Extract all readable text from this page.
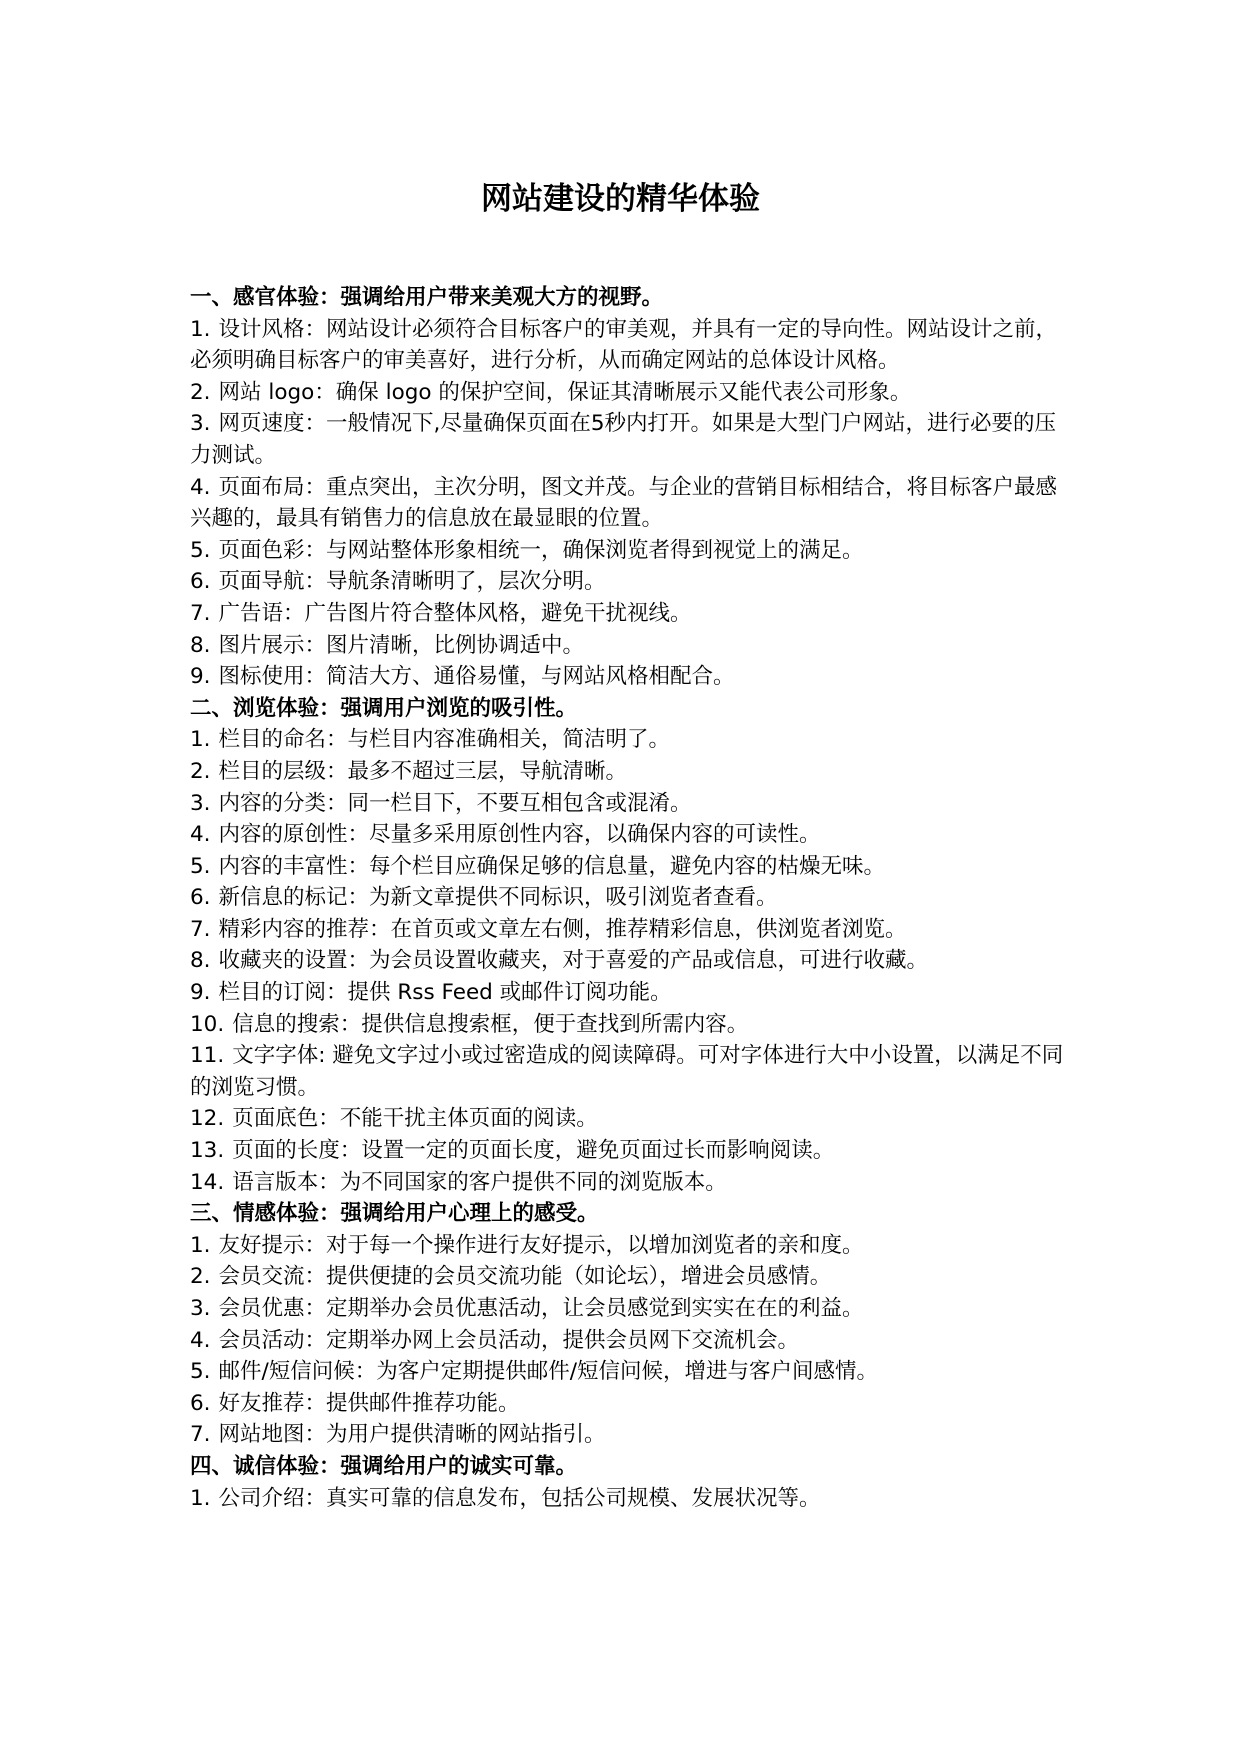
网站建设的精华体验

一、感官体验：强调给用户带来美观大方的视野。

1. 设计风格：网站设计必须符合目标客户的审美观，并具有一定的导向性。网站设计之前，必须明确目标客户的审美喜好，进行分析，从而确定网站的总体设计风格。

2. 网站 logo：确保 logo 的保护空间，保证其清晰展示又能代表公司形象。

3. 网页速度：一般情况下,尽量确保页面在5秒内打开。如果是大型门户网站，进行必要的压力测试。

4. 页面布局：重点突出，主次分明，图文并茂。与企业的营销目标相结合，将目标客户最感兴趣的，最具有销售力的信息放在最显眼的位置。

5. 页面色彩：与网站整体形象相统一，确保浏览者得到视觉上的满足。

6. 页面导航：导航条清晰明了，层次分明。

7. 广告语：广告图片符合整体风格，避免干扰视线。

8. 图片展示：图片清晰，比例协调适中。

9. 图标使用：简洁大方、通俗易懂，与网站风格相配合。

二、浏览体验：强调用户浏览的吸引性。

1. 栏目的命名：与栏目内容准确相关，简洁明了。

2. 栏目的层级：最多不超过三层，导航清晰。

3. 内容的分类：同一栏目下，不要互相包含或混淆。

4. 内容的原创性：尽量多采用原创性内容，以确保内容的可读性。

5. 内容的丰富性：每个栏目应确保足够的信息量，避免内容的枯燥无味。

6. 新信息的标记：为新文章提供不同标识，吸引浏览者查看。

7. 精彩内容的推荐：在首页或文章左右侧，推荐精彩信息，供浏览者浏览。

8. 收藏夹的设置：为会员设置收藏夹，对于喜爱的产品或信息，可进行收藏。

9. 栏目的订阅：提供 Rss Feed 或邮件订阅功能。

10. 信息的搜索：提供信息搜索框，便于查找到所需内容。

11. 文字字体: 避免文字过小或过密造成的阅读障碍。可对字体进行大中小设置，以满足不同的浏览习惯。

12. 页面底色：不能干扰主体页面的阅读。

13. 页面的长度：设置一定的页面长度，避免页面过长而影响阅读。

14. 语言版本：为不同国家的客户提供不同的浏览版本。

三、情感体验：强调给用户心理上的感受。

1. 友好提示：对于每一个操作进行友好提示，以增加浏览者的亲和度。

2. 会员交流：提供便捷的会员交流功能（如论坛），增进会员感情。

3. 会员优惠：定期举办会员优惠活动，让会员感觉到实实在在的利益。

4. 会员活动：定期举办网上会员活动，提供会员网下交流机会。

5. 邮件/短信问候：为客户定期提供邮件/短信问候，增进与客户间感情。

6. 好友推荐：提供邮件推荐功能。

7. 网站地图：为用户提供清晰的网站指引。

四、诚信体验：强调给用户的诚实可靠。

1. 公司介绍：真实可靠的信息发布，包括公司规模、发展状况等。
